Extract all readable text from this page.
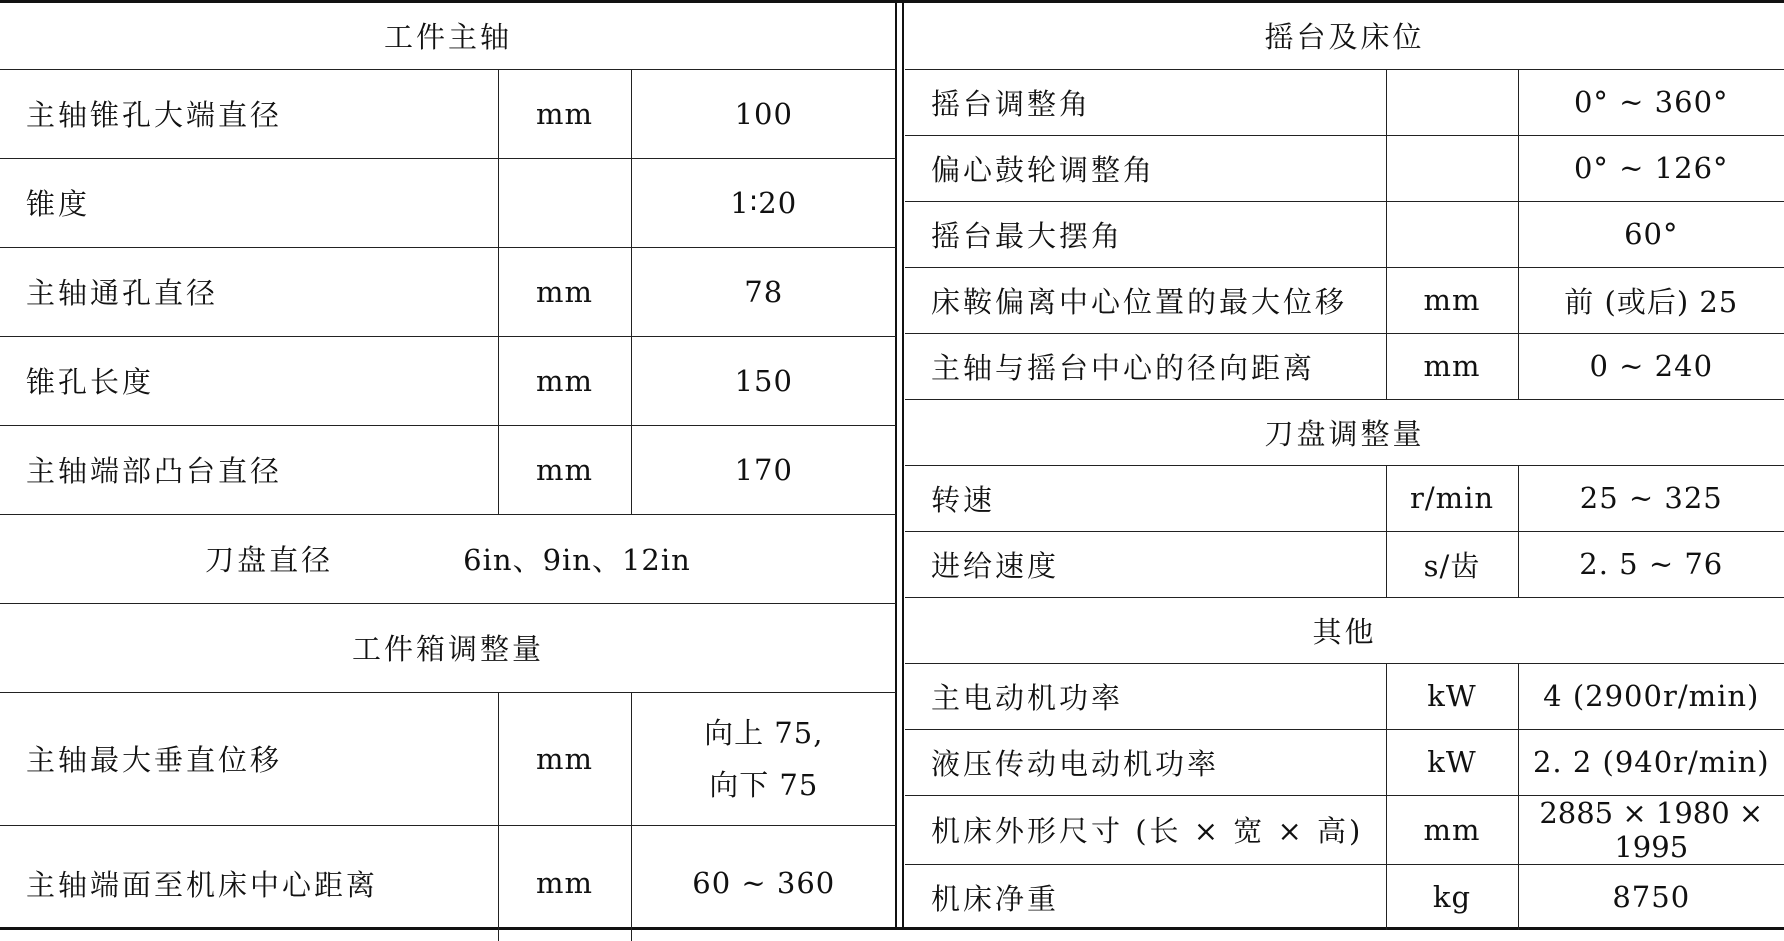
工件主轴		
主轴锥孔大端直径	mm	100
锥度		1∶20
主轴通孔直径	mm	78
锥孔长度	mm	150
主轴端部凸台直径	mm	170

刀盘直径 6in、9in、12in		

工件箱调整量		
主轴最大垂直位移	mm	向上 75,
向下 75

主轴端面至机床中心距离	mm	60 ~ 360
摇台及床位		
摇台调整角		0° ~ 360°
偏心鼓轮调整角		0° ~ 126°
摇台最大摆角		60°
床鞍偏离中心位置的最大位移	mm	前 (或后) 25
主轴与摇台中心的径向距离	mm	0 ~ 240
刀盘调整量		
转速	r/min	25 ~ 325
进给速度	s/齿	2. 5 ~ 76
其他		
主电动机功率	kW	4 (2900r/min)
液压传动电动机功率	kW	2. 2 (940r/min)
机床外形尺寸 (长 × 宽 × 高)	mm	2885 × 1980 × 1995
机床净重	kg	8750
